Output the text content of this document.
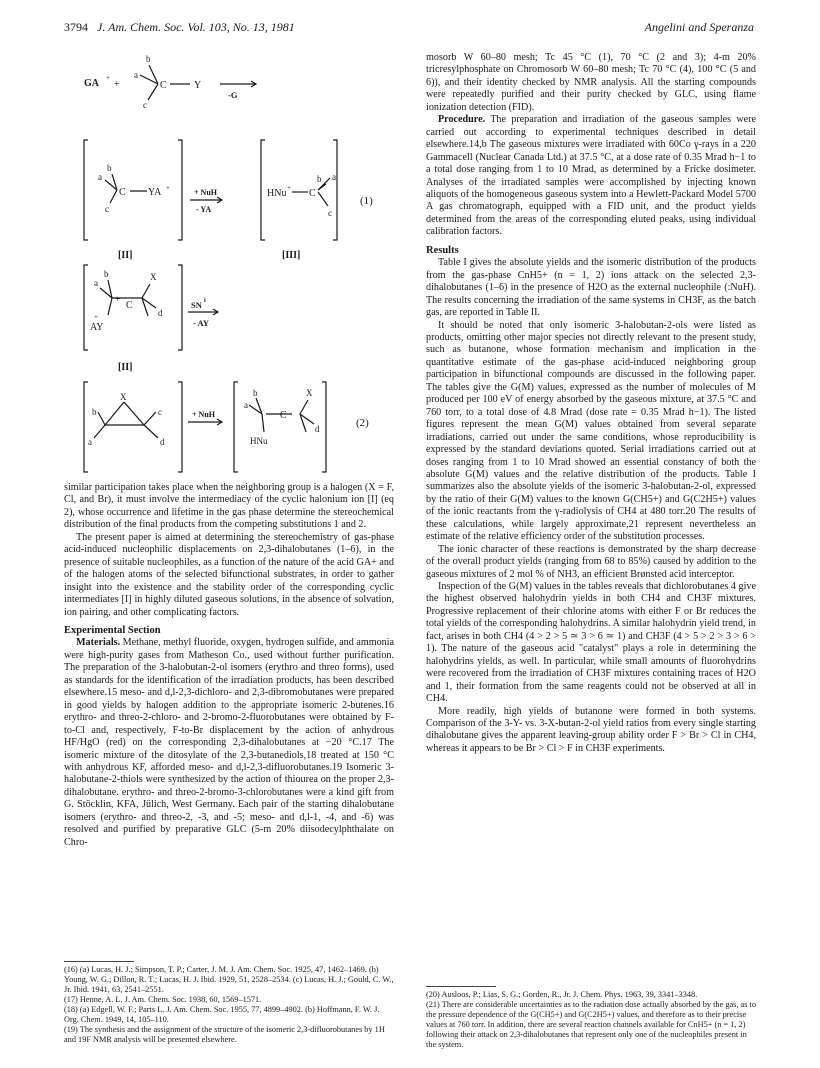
3794 J. Am. Chem. Soc. Vol. 103, No. 13, 1981	Angelini and Speranza
GA +
+
a
b
c
C	Y
-G
a
b
c
C YA +	+ NuH
- YA
HNu + C
b a
c
(1)
[II]	[III]
a
b
AY
+
+
C
X
d
SN i
- AY
[II]
X
b
a
c
d
+ NuH
a
b
C
X
d
HNu
(2)

similar participation takes place when the neighboring group is a halogen (X = F, Cl, and Br), it must involve the intermediacy of the cyclic halonium ion [I] (eq 2), whose occurrence and lifetime in the gas phase determine the stereochemical distribution of the final products from the competing substitutions 1 and 2.

The present paper is aimed at determining the stereochemistry of gas-phase acid-induced nucleophilic displacements on 2,3-dihalobutanes (1–6), in the presence of suitable nucleophiles, as a function of the nature of the acid GA+ and of the halogen atoms of the selected bifunctional substrates, in order to gather insight into the existence and the stability order of the corresponding cyclic intermediates [I] in highly diluted gaseous solutions, in the absence of solvation, ion pairing, and other complicating factors.

Experimental Section

Materials. Methane, methyl fluoride, oxygen, hydrogen sulfide, and ammonia were high-purity gases from Matheson Co., used without further purification. The preparation of the 3-halobutan-2-ol isomers (erythro and threo forms), used as standards for the identification of the irradiation products, has been described elsewhere.15 meso- and d,l-2,3-dichloro- and 2,3-dibromobutanes were prepared in good yields by halogen addition to the appropriate isomeric 2-butenes.16 erythro- and threo-2-chloro- and 2-bromo-2-fluorobutanes were obtained by F-to-Cl and, respectively, F-to-Br displacement by the action of anhydrous HF/HgO (red) on the corresponding 2,3-dihalobutanes at −20 °C.17 The isomeric mixture of the ditosylate of the 2,3-butanediols,18 treated at 150 °C with anhydrous KF, afforded meso- and d,l-2,3-difluorobutanes.19 Isomeric 3-halobutane-2-thiols were synthesized by the action of thiourea on the proper 2,3-dihalobutane. erythro- and threo-2-bromo-3-chlorobutanes were a kind gift from G. Stöcklin, KFA, Jülich, West Germany. Each pair of the starting dihalobutane isomers (erythro- and threo-2, -3, and -5; meso- and d,l-1, -4, and -6) was resolved and purified by preparative GLC (5-m 20% diisodecylphthalate on Chro-

mosorb W 60–80 mesh; Tc 45 °C (1), 70 °C (2 and 3); 4-m 20% tricresylphosphate on Chromosorb W 60–80 mesh; Tc 70 °C (4), 100 °C (5 and 6)), and their identity checked by NMR analysis. All the starting compounds were repeatedly purified and their purity checked by GLC, using flame ionization detection (FID).

Procedure. The preparation and irradiation of the gaseous samples were carried out according to experimental techniques described in detail elsewhere.14,b The gaseous mixtures were irradiated with 60Co γ-rays in a 220 Gammacell (Nuclear Canada Ltd.) at 37.5 °C, at a dose rate of 0.35 Mrad h−1 to a total dose ranging from 1 to 10 Mrad, as determined by a Fricke dosimeter. Analyses of the irradiated samples were accomplished by injecting known aliquots of the homogeneous gaseous system into a Hewlett-Packard Model 5700 A gas chromatograph, equipped with a FID unit, and the product yields determined from the areas of the corresponding eluted peaks, using individual calibration factors.

Results

Table I gives the absolute yields and the isomeric distribution of the products from the gas-phase CnH5+ (n = 1, 2) ions attack on the selected 2,3-dihalobutanes (1–6) in the presence of H2O as the external nucleophile (:NuH). The results concerning the irradiation of the same systems in CH3F, as the batch gas, are reported in Table II.

It should be noted that only isomeric 3-halobutan-2-ols were listed as products, omitting other major species not directly relevant to the present study, such as butanone, whose formation mechanism and implication in the quantitative estimate of the gas-phase acid-induced neighboring group participation in bifunctional compounds are discussed in the following paper. The tables give the G(M) values, expressed as the number of molecules of M produced per 100 eV of energy absorbed by the gaseous mixture, at 37.5 °C and 760 torr, to a total dose of 4.8 Mrad (dose rate = 0.35 Mrad h−1). The listed figures represent the mean G(M) values obtained from several separate irradiations, carried out under the same conditions, whose reproducibility is expressed by the standard deviations quoted. Serial irradiations carried out at doses ranging from 1 to 10 Mrad showed an essential constancy of both the absolute G(M) values and the relative distribution of the products. Table I summarizes also the absolute yields of the isomeric 3-halobutan-2-ol, expressed by the ratio of their G(M) values to the known G(CH5+) and G(C2H5+) values of the ionic reactants from the γ-radiolysis of CH4 at 480 torr.20 The results of these calculations, while largely approximate,21 represent nevertheless an estimate of the relative efficiency order of the substitution processes.

The ionic character of these reactions is demonstrated by the sharp decrease of the overall product yields (ranging from 68 to 85%) caused by addition to the gaseous mixtures of 2 mol % of NH3, an efficient Brønsted acid interceptor.

Inspection of the G(M) values in the tables reveals that dichlorobutanes 4 give the highest observed halohydrin yields in both CH4 and CH3F mixtures. Progressive replacement of their chlorine atoms with either F or Br reduces the total yields of the corresponding halohydrins. A similar halohydrin yield trend, in fact, arises in both CH4 (4 > 2 > 5 ≃ 3 > 6 ≃ 1) and CH3F (4 > 5 > 2 > 3 > 6 > 1). The nature of the gaseous acid "catalyst" plays a role in determining the halohydrins yields, as well. In particular, while small amounts of fluorohydrins were recovered from the irradiation of CH3F mixtures containing traces of H2O and 1, their formation from the same reagents could not be observed at all in CH4.

More readily, high yields of butanone were formed in both systems. Comparison of the 3-Y- vs. 3-X-butan-2-ol yield ratios from every single starting dihalobutane gives the apparent leaving-group ability order F > Br > Cl in CH4, whereas it appears to be Br > Cl > F in CH3F experiments.

(16) (a) Lucas, H. J.; Simpson, T. P.; Carter, J. M. J. Am. Chem. Soc. 1925, 47, 1462–1469. (b) Young, W. G.; Dillon, R. T.; Lucas, H. J. Ibid. 1929, 51, 2528–2534. (c) Lucas, H. J.; Gould, C. W., Jr. Ibid. 1941, 63, 2541–2551.

(17) Henne, A. L. J. Am. Chem. Soc. 1938, 60, 1569–1571.

(18) (a) Edgell, W. F.; Parts L. J. Am. Chem. Soc. 1955, 77, 4899–4902. (b) Hoffmann, F. W. J. Org. Chem. 1949, 14, 105–110.

(19) The synthesis and the assignment of the structure of the isomeric 2,3-difluorobutanes by 1H and 19F NMR analysis will be presented elsewhere.

(20) Ausloos, P.; Lias, S. G.; Gorden, R., Jr. J. Chem. Phys. 1963, 39, 3341–3348.

(21) There are considerable uncertainties as to the radiation dose actually absorbed by the gas, as to the pressure dependence of the G(CH5+) and G(C2H5+) values, and therefore as to their precise values at 760 torr. In addition, there are several reaction channels available for CnH5+ (n = 1, 2) following their attack on 2,3-dihalobutanes that represent only one of the nucleophiles present in the system.
